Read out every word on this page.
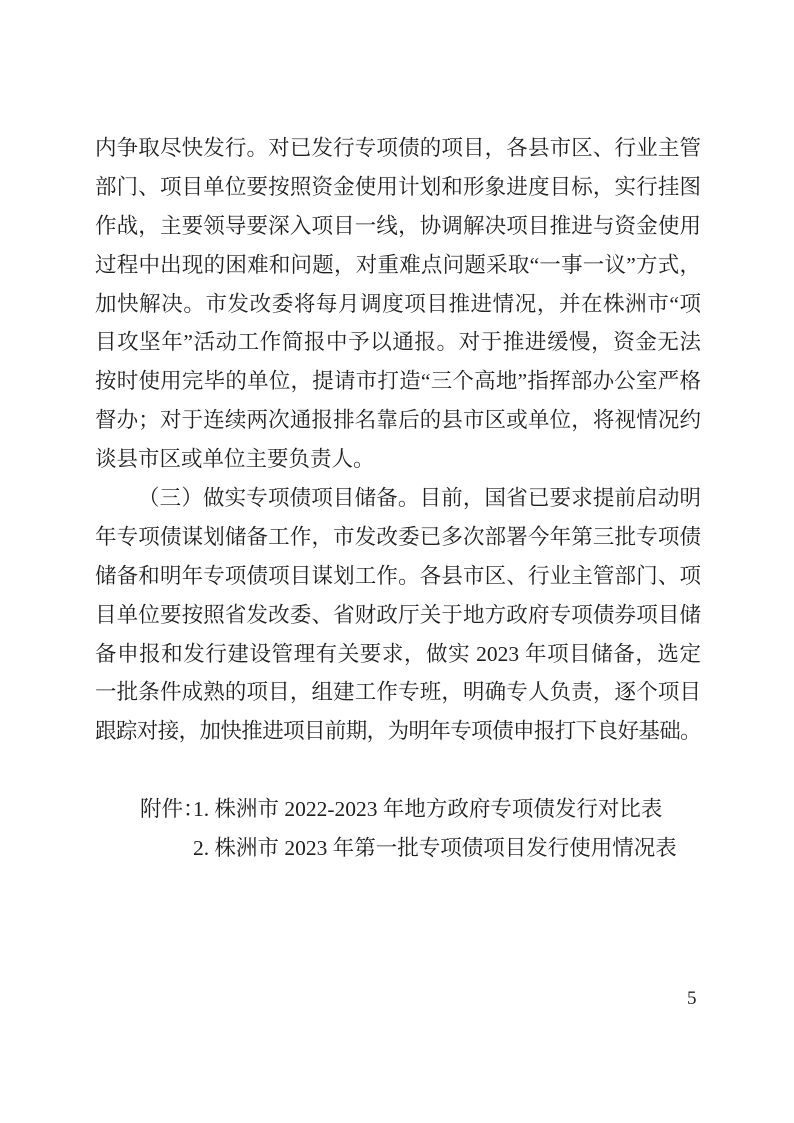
内争取尽快发行。对已发行专项债的项目，各县市区、行业主管
部门、项目单位要按照资金使用计划和形象进度目标，实行挂图
作战，主要领导要深入项目一线，协调解决项目推进与资金使用
过程中出现的困难和问题，对重难点问题采取“一事一议”方式，
加快解决。市发改委将每月调度项目推进情况，并在株洲市“项
目攻坚年”活动工作简报中予以通报。对于推进缓慢，资金无法
按时使用完毕的单位，提请市打造“三个高地”指挥部办公室严格
督办；对于连续两次通报排名靠后的县市区或单位，将视情况约
谈县市区或单位主要负责人。
（三）做实专项债项目储备。目前，国省已要求提前启动明
年专项债谋划储备工作，市发改委已多次部署今年第三批专项债
储备和明年专项债项目谋划工作。各县市区、行业主管部门、项
目单位要按照省发改委、省财政厅关于地方政府专项债券项目储
备申报和发行建设管理有关要求，做实 2023 年项目储备，选定
一批条件成熟的项目，组建工作专班，明确专人负责，逐个项目
跟踪对接，加快推进项目前期，为明年专项债申报打下良好基础。
附件：
1. 株洲市 2022-2023 年地方政府专项债发行对比表
2. 株洲市 2023 年第一批专项债项目发行使用情况表
5
